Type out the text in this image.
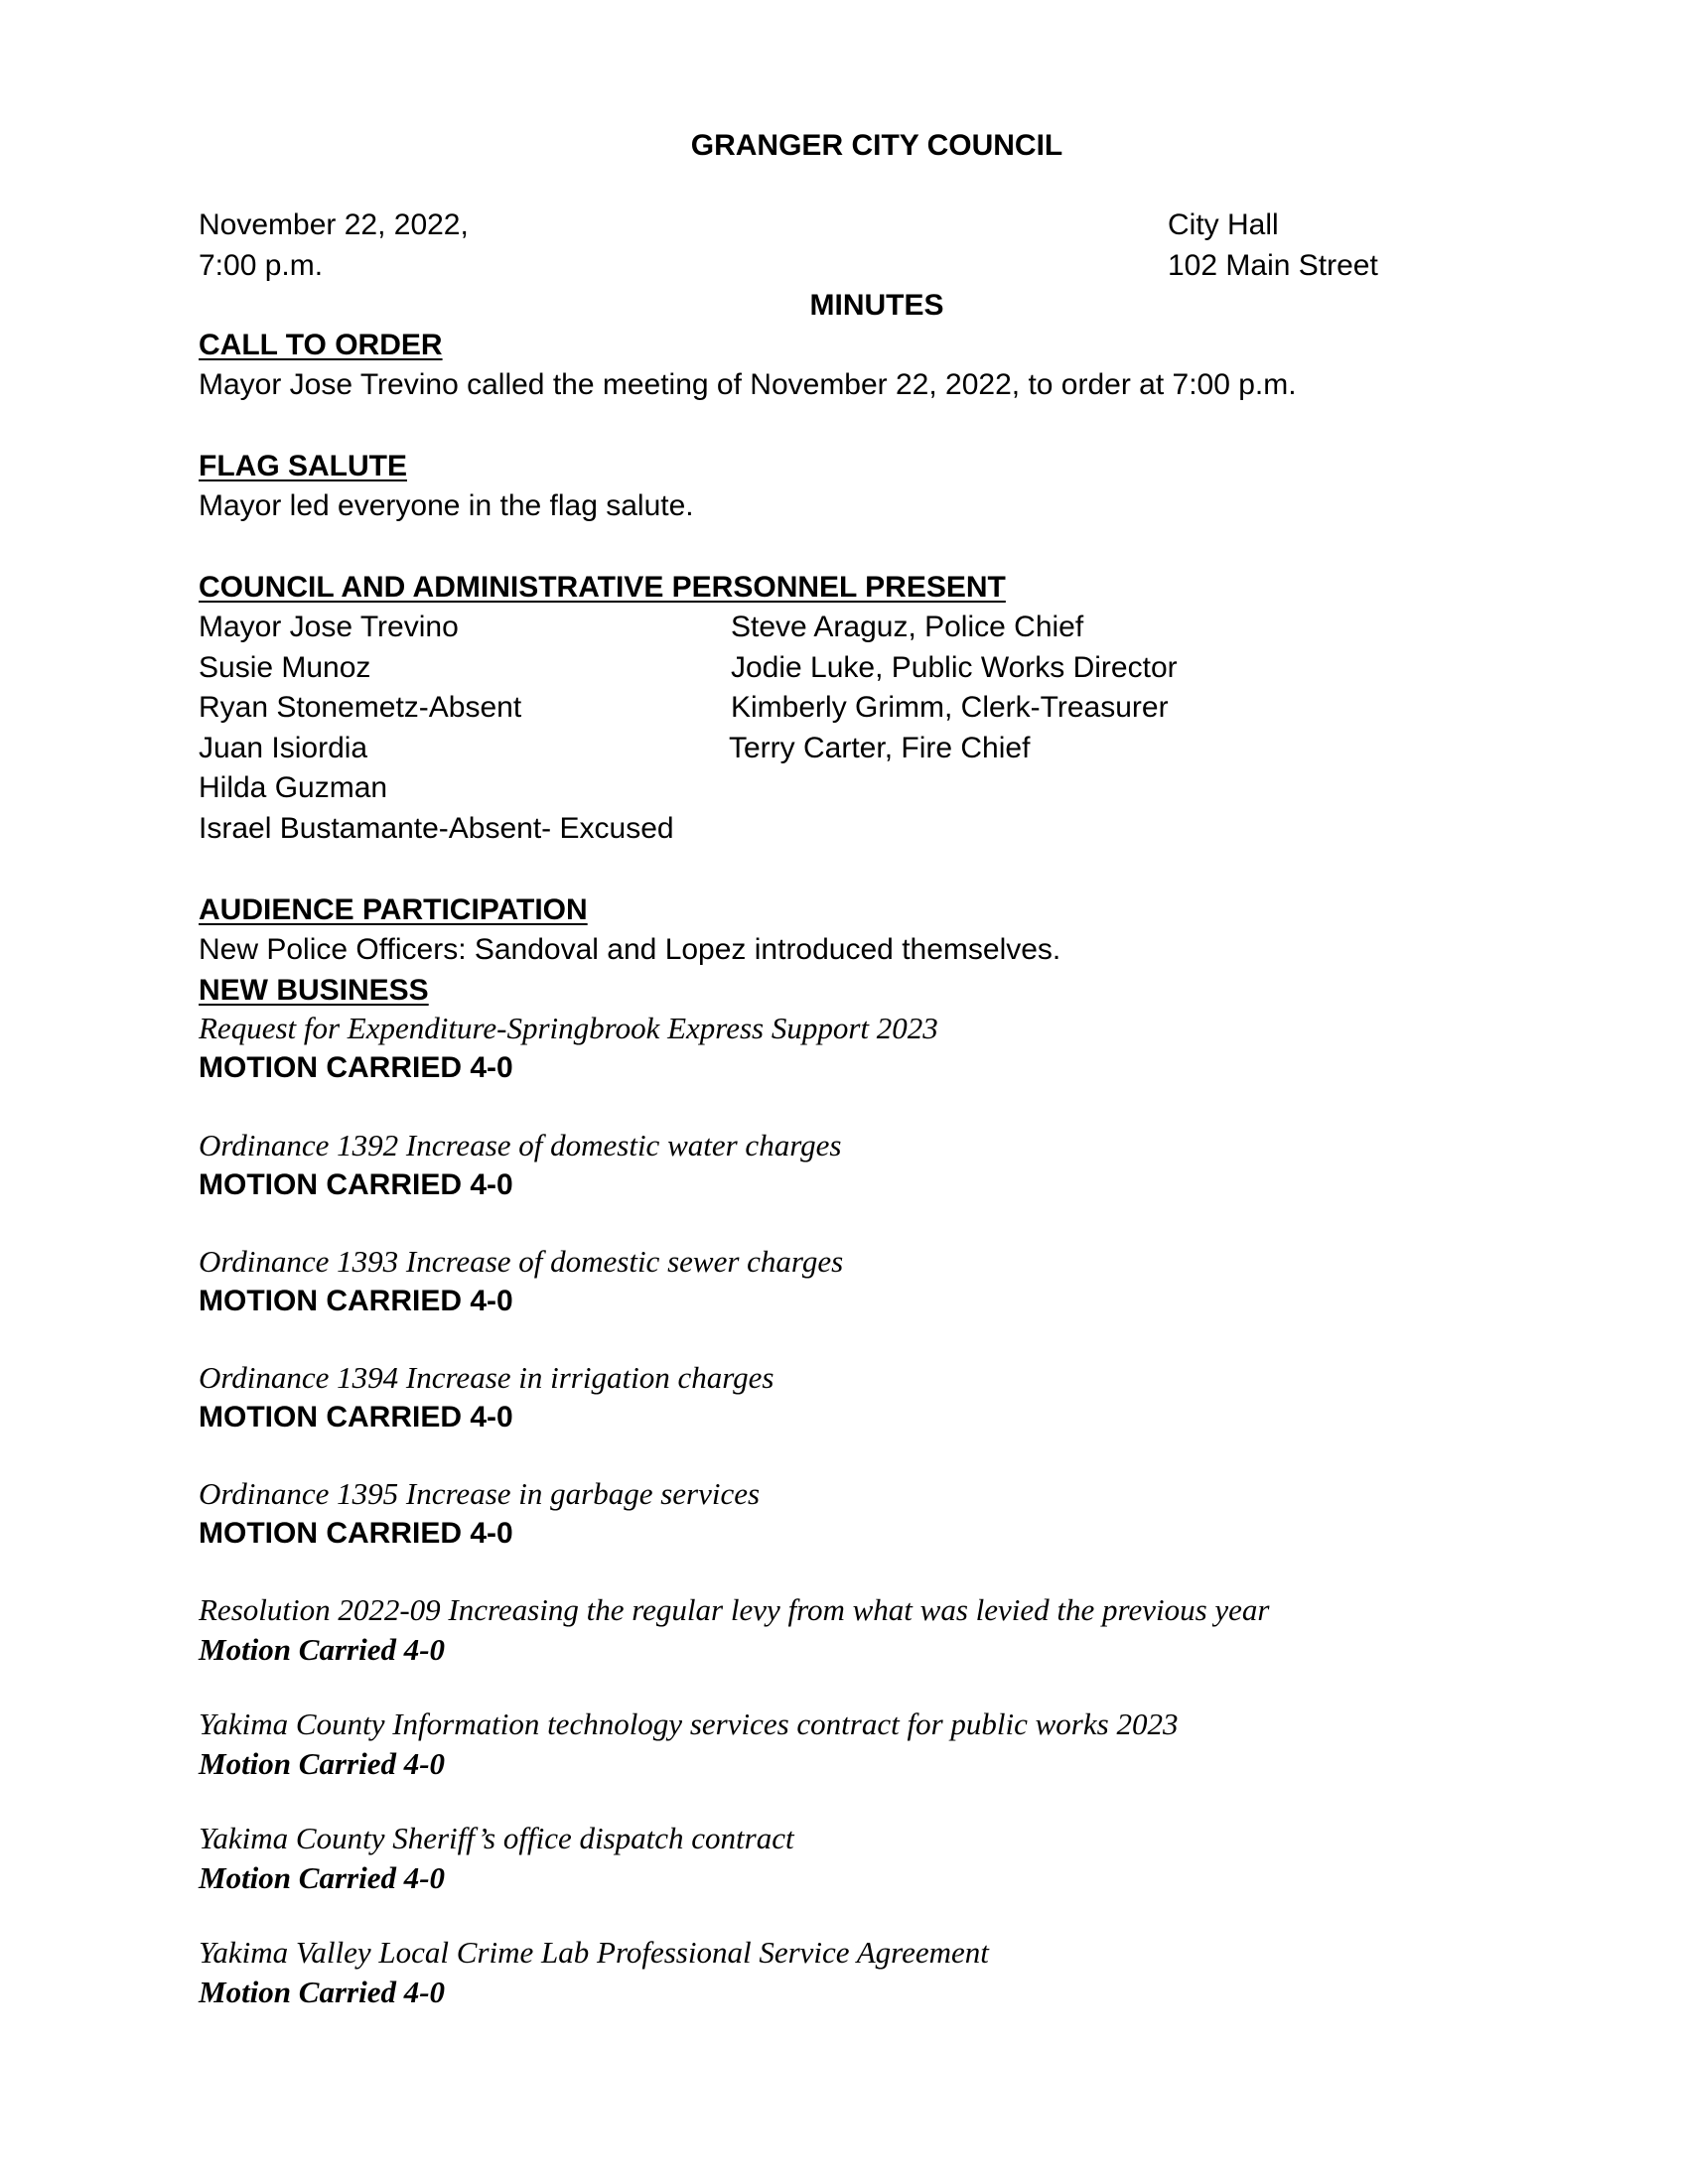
GRANGER CITY COUNCIL
November 22, 2022,
7:00 p.m.
City Hall
102 Main Street
MINUTES
CALL TO ORDER
Mayor Jose Trevino called the meeting of November 22, 2022, to order at 7:00 p.m.
FLAG SALUTE
Mayor led everyone in the flag salute.
COUNCIL AND ADMINISTRATIVE PERSONNEL PRESENT
Mayor Jose Trevino
Susie Munoz
Ryan Stonemetz-Absent
Juan Isiordia
Hilda Guzman
Israel Bustamante-Absent- Excused
Steve Araguz, Police Chief
Jodie Luke, Public Works Director
Kimberly Grimm, Clerk-Treasurer
Terry Carter, Fire Chief
AUDIENCE PARTICIPATION
New Police Officers: Sandoval and Lopez introduced themselves.
NEW BUSINESS
Request for Expenditure-Springbrook Express Support 2023
MOTION CARRIED 4-0
Ordinance 1392 Increase of domestic water charges
MOTION CARRIED 4-0
Ordinance 1393 Increase of domestic sewer charges
MOTION CARRIED 4-0
Ordinance 1394 Increase in irrigation charges
MOTION CARRIED 4-0
Ordinance 1395 Increase in garbage services
MOTION CARRIED 4-0
Resolution 2022-09 Increasing the regular levy from what was levied the previous year
Motion Carried 4-0
Yakima County Information technology services contract for public works 2023
Motion Carried 4-0
Yakima County Sheriff’s office dispatch contract
Motion Carried 4-0
Yakima Valley Local Crime Lab Professional Service Agreement
Motion Carried 4-0
